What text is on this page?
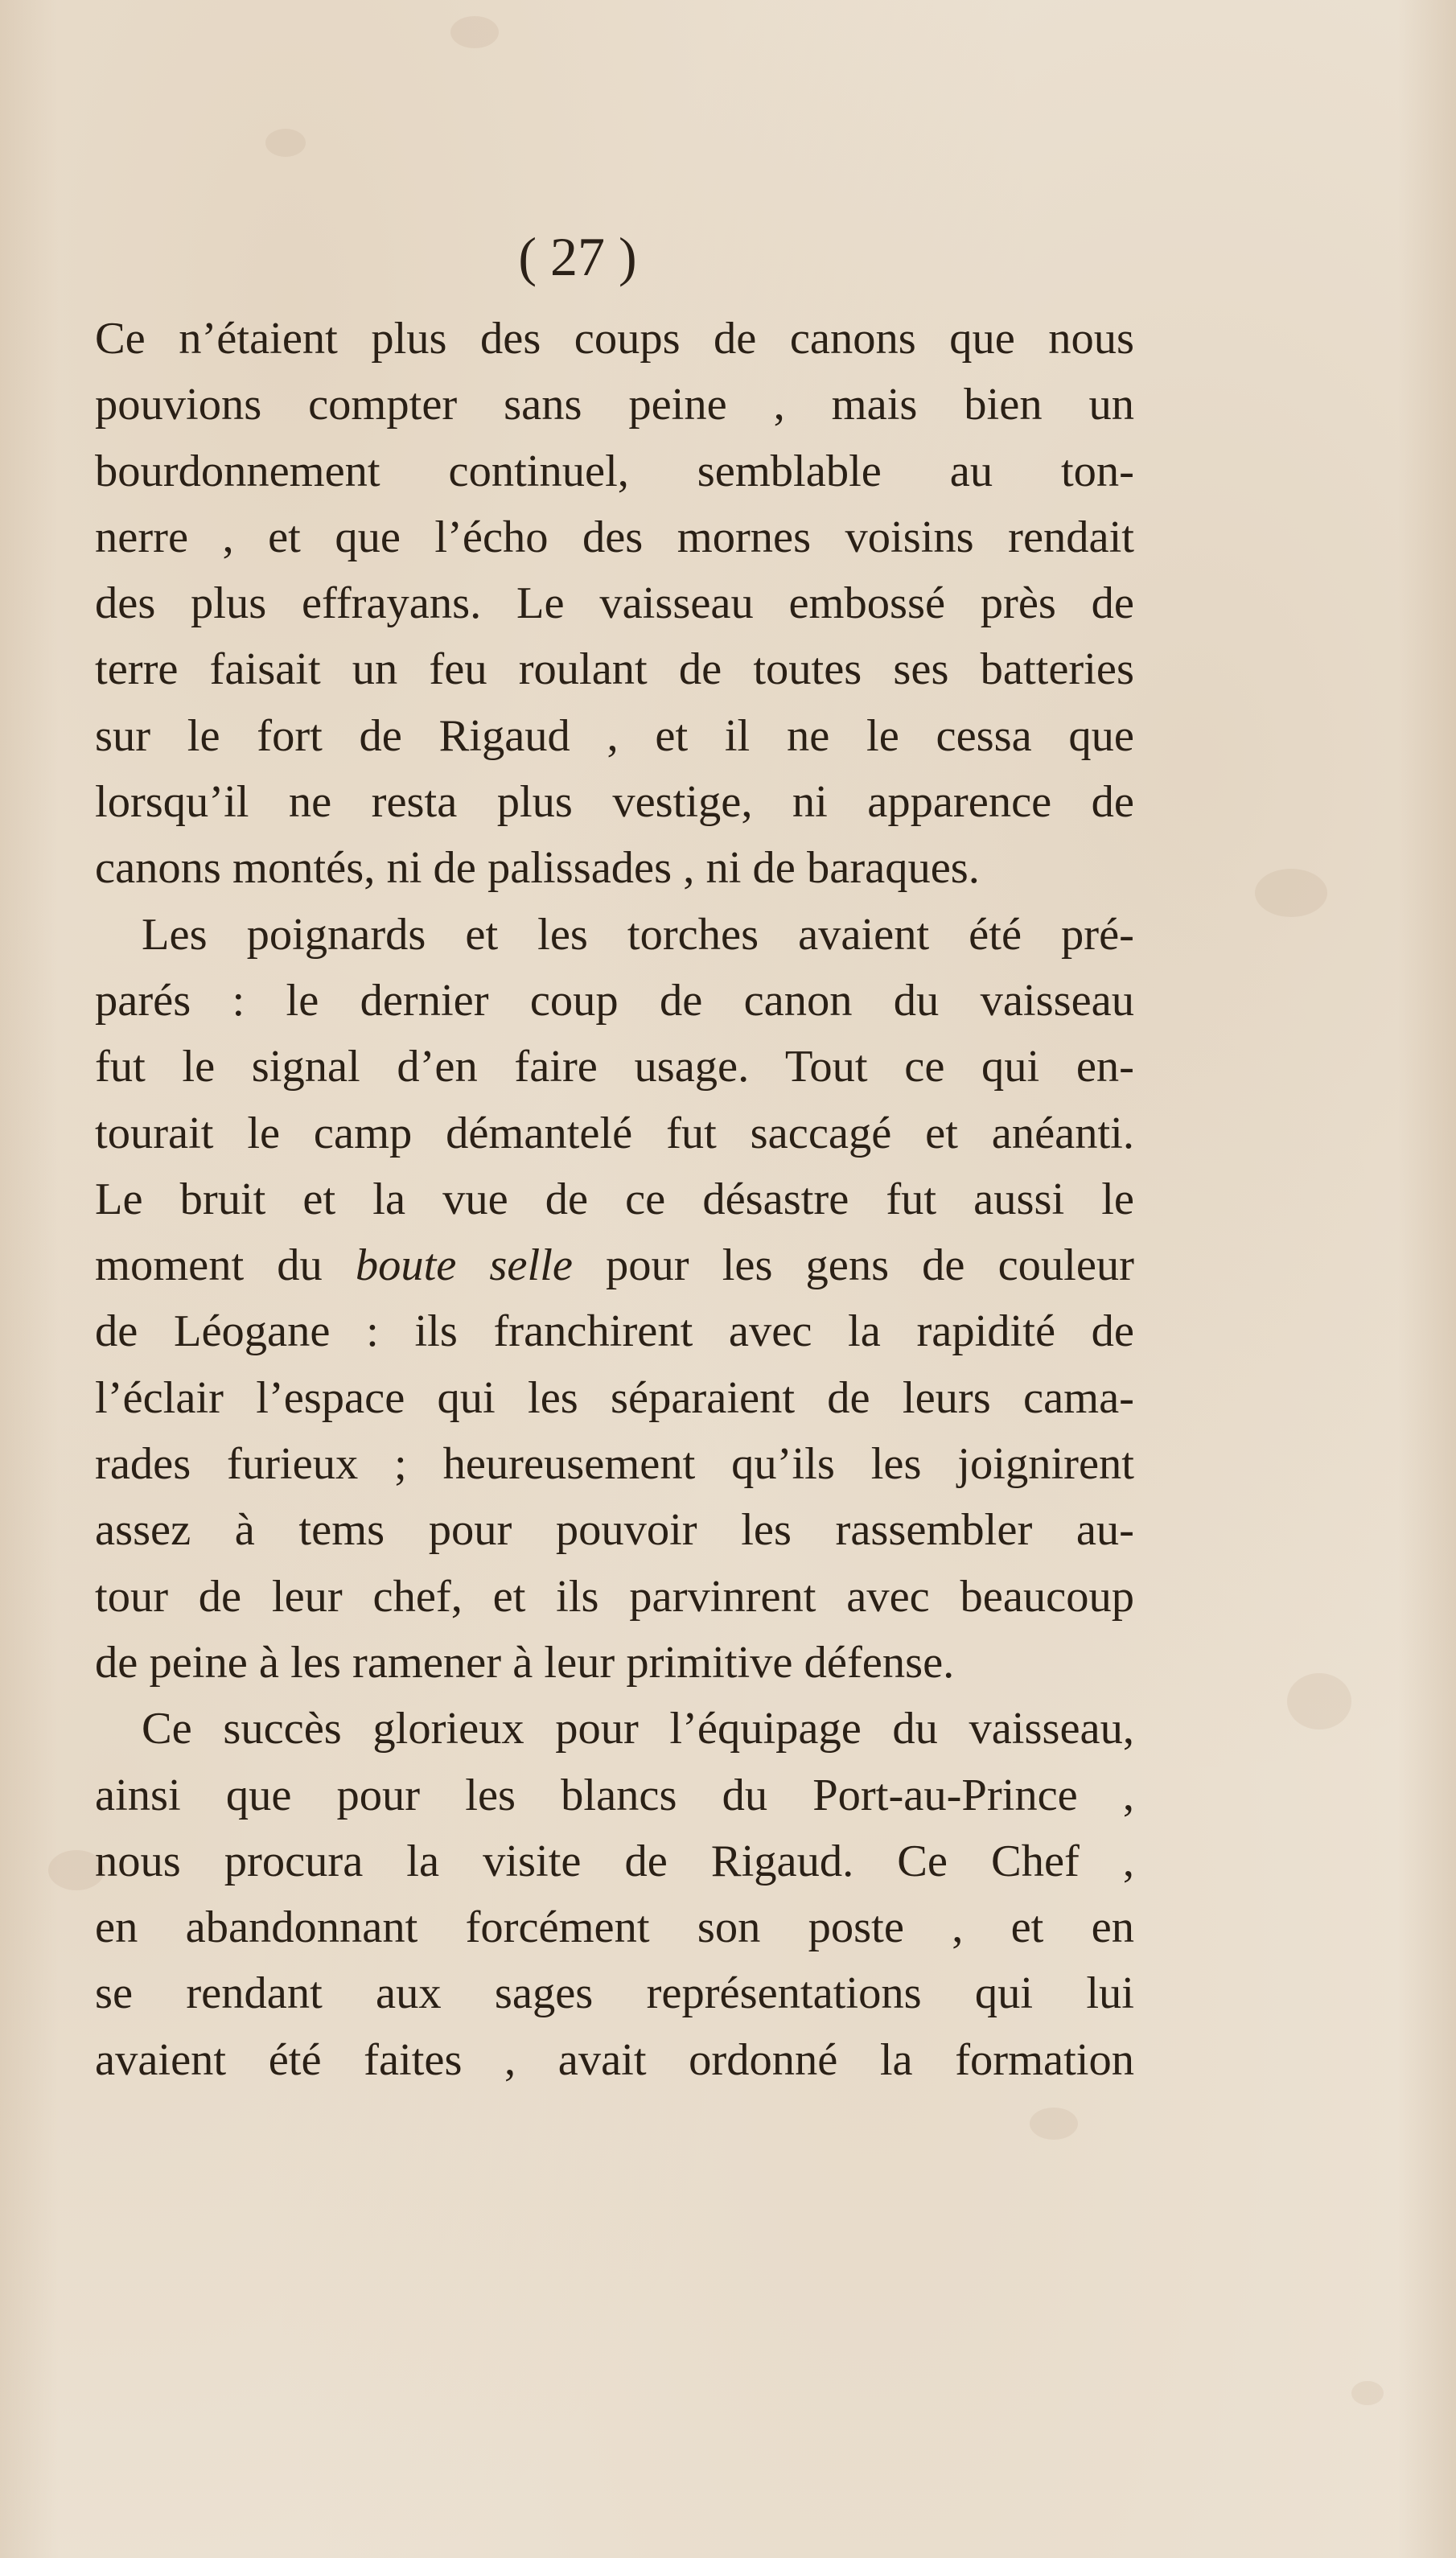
( 27 )
Ce n’étaient plus des coups de canons que nous
pouvions compter sans peine , mais bien un
bourdonnement continuel, semblable au ton-
nerre , et que l’écho des mornes voisins rendait
des plus effrayans. Le vaisseau embossé près de
terre faisait un feu roulant de toutes ses batteries
sur le fort de Rigaud , et il ne le cessa que
lorsqu’il ne resta plus vestige, ni apparence de
canons montés, ni de palissades , ni de baraques.
Les poignards et les torches avaient été pré-
parés : le dernier coup de canon du vaisseau
fut le signal d’en faire usage. Tout ce qui en-
tourait le camp démantelé fut saccagé et anéanti.
Le bruit et la vue de ce désastre fut aussi le
moment du boute selle pour les gens de couleur
de Léogane : ils franchirent avec la rapidité de
l’éclair l’espace qui les séparaient de leurs cama-
rades furieux ; heureusement qu’ils les joignirent
assez à tems pour pouvoir les rassembler au-
tour de leur chef, et ils parvinrent avec beaucoup
de peine à les ramener à leur primitive défense.
Ce succès glorieux pour l’équipage du vaisseau,
ainsi que pour les blancs du Port-au-Prince ,
nous procura la visite de Rigaud. Ce Chef ,
en abandonnant forcément son poste , et en
se rendant aux sages représentations qui lui
avaient été faites , avait ordonné la formation
